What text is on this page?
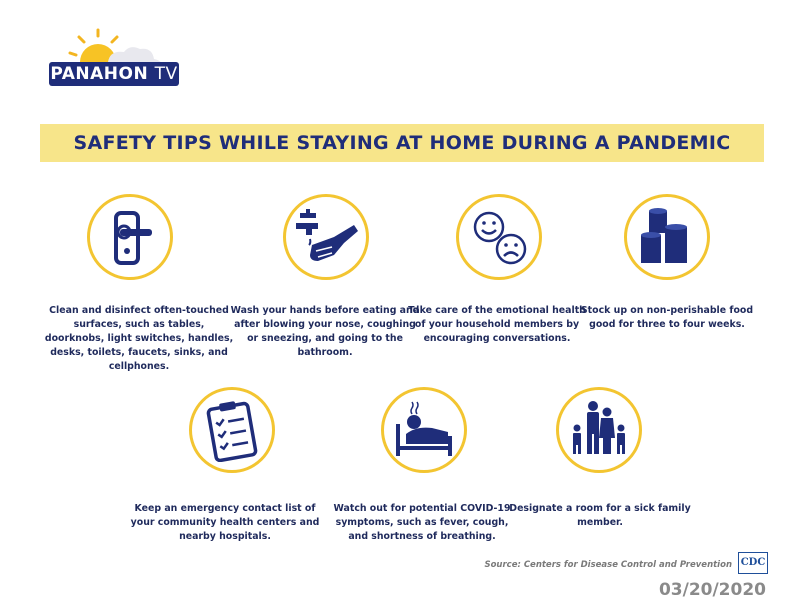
PANAHON TV
SAFETY TIPS WHILE STAYING AT HOME DURING A PANDEMIC
Clean and disinfect often-touched surfaces, such as tables, doorknobs, light switches, handles, desks, toilets, faucets, sinks, and cellphones.
Wash your hands before eating and after blowing your nose, coughing or sneezing, and going to the bathroom.
Take care of the emotional health of your household members by encouraging conversations.
Stock up on non-perishable food good for three to four weeks.
Keep an emergency contact list of your community health centers and nearby hospitals.
Watch out for potential COVID-19 symptoms, such as fever, cough, and shortness of breathing.
Designate a room for a sick family member.
Source: Centers for Disease Control and Prevention CDC
03/20/2020
